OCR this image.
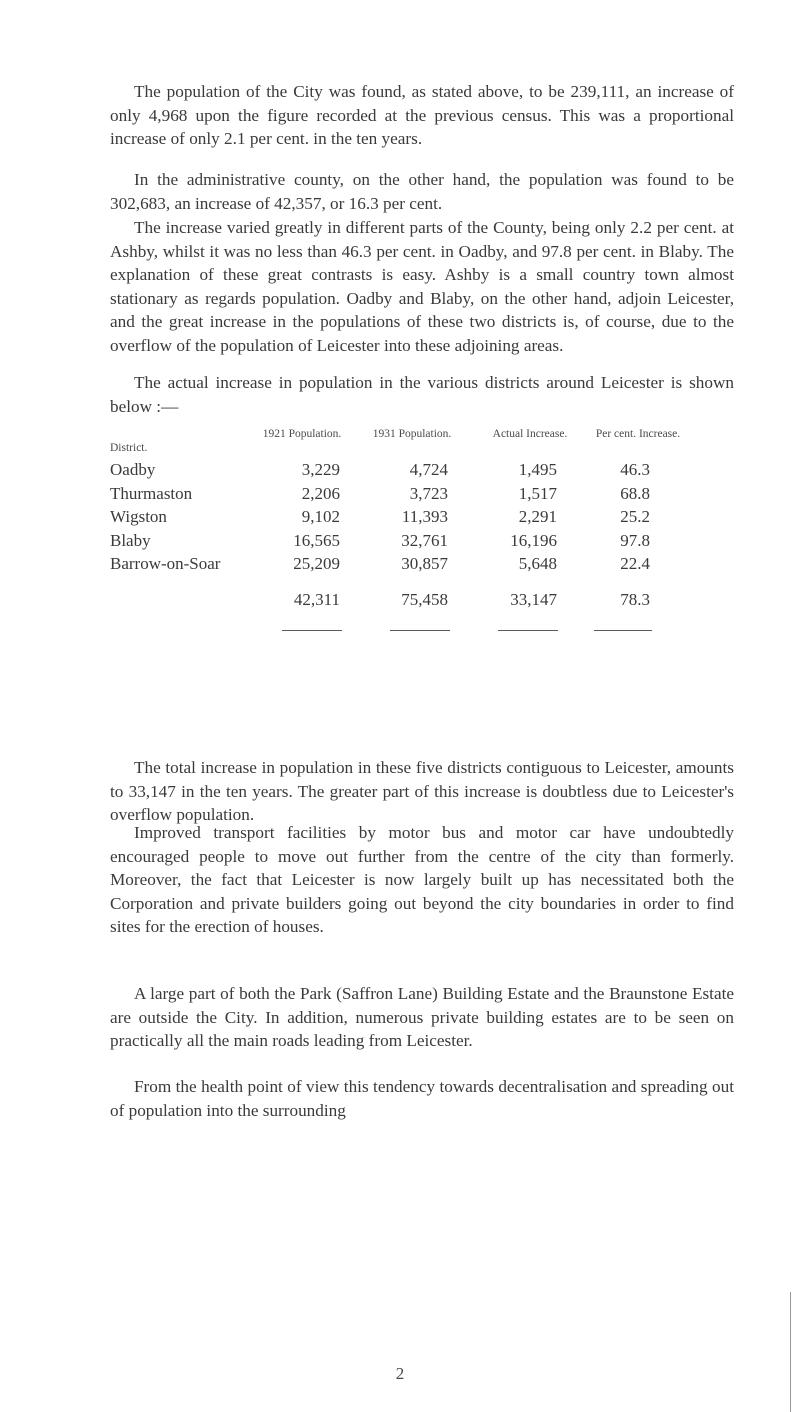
The population of the City was found, as stated above, to be 239,111, an increase of only 4,968 upon the figure recorded at the previous census. This was a proportional increase of only 2.1 per cent. in the ten years.

In the administrative county, on the other hand, the population was found to be 302,683, an increase of 42,357, or 16.3 per cent.

The increase varied greatly in different parts of the County, being only 2.2 per cent. at Ashby, whilst it was no less than 46.3 per cent. in Oadby, and 97.8 per cent. in Blaby. The explanation of these great contrasts is easy. Ashby is a small country town almost stationary as regards population. Oadby and Blaby, on the other hand, adjoin Leicester, and the great increase in the populations of these two districts is, of course, due to the overflow of the population of Leicester into these adjoining areas.

The actual increase in population in the various districts around Leicester is shown below :—

District.
1921 Population.	1931 Population.	Actual Increase.	Per cent. Increase.
Oadby	3,229	4,724	1,495	46.3
Thurmaston	2,206	3,723	1,517	68.8
Wigston	9,102	11,393	2,291	25.2
Blaby	16,565	32,761	16,196	97.8
Barrow-on-Soar	25,209	30,857	5,648	22.4
42,311	75,458	33,147	78.3

The total increase in population in these five districts contiguous to Leicester, amounts to 33,147 in the ten years. The greater part of this increase is doubtless due to Leicester's overflow population.

Improved transport facilities by motor bus and motor car have undoubtedly encouraged people to move out further from the centre of the city than formerly. Moreover, the fact that Leicester is now largely built up has necessitated both the Corporation and private builders going out beyond the city boundaries in order to find sites for the erection of houses.

A large part of both the Park (Saffron Lane) Building Estate and the Braunstone Estate are outside the City. In addition, numerous private building estates are to be seen on practically all the main roads leading from Leicester.

From the health point of view this tendency towards decentralisation and spreading out of population into the surrounding

2
